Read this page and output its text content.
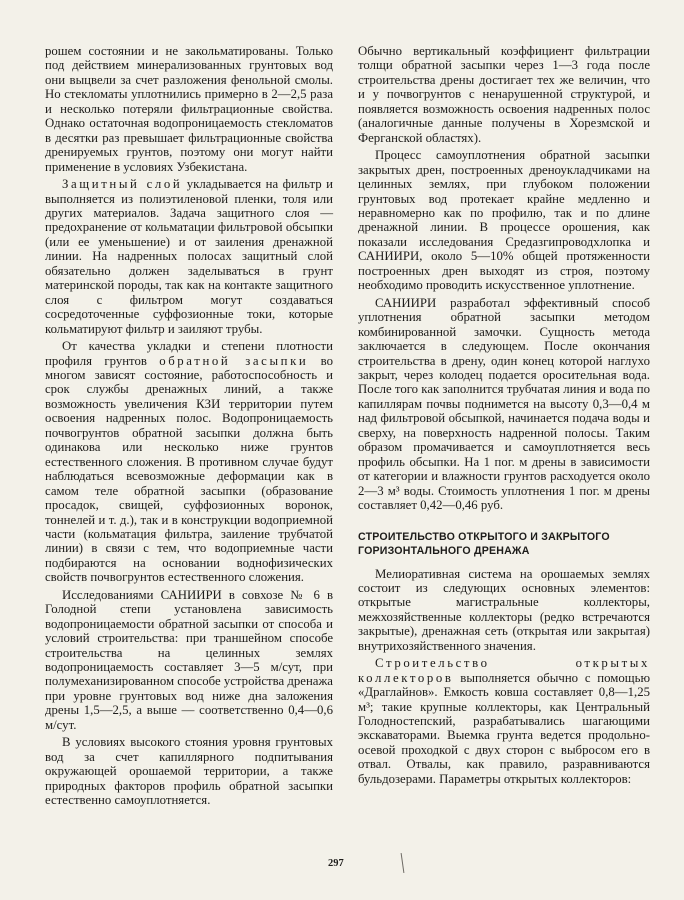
рошем состоянии и не закольматированы. Только под действием минерализованных грунтовых вод они выцвели за счет разложения фенольной смолы. Но стекломаты уплотнились примерно в 2—2,5 раза и несколько потеряли фильтрационные свойства. Однако остаточная водопроницаемость стекломатов в десятки раз превышает фильтрационные свойства дренируемых грунтов, поэтому они могут найти применение в условиях Узбекистана.

Защитный слой укладывается на фильтр и выполняется из полиэтиленовой пленки, толя или других материалов. Задача защитного слоя — предохранение от кольматации фильтровой обсыпки (или ее уменьшение) и от заиления дренажной линии. На надренных полосах защитный слой обязательно должен заделываться в грунт материнской породы, так как на контакте защитного слоя с фильтром могут создаваться сосредоточенные суффозионные токи, которые кольматируют фильтр и заиляют трубы.

От качества укладки и степени плотности профиля грунтов обратной засыпки во многом зависят состояние, работоспособность и срок службы дренажных линий, а также возможность увеличения КЗИ территории путем освоения надренных полос. Водопроницаемость почвогрунтов обратной засыпки должна быть одинакова или несколько ниже грунтов естественного сложения. В противном случае будут наблюдаться всевозможные деформации как в самом теле обратной засыпки (образование просадок, свищей, суффозионных воронок, тоннелей и т. д.), так и в конструкции водоприемной части (кольматация фильтра, заиление трубчатой линии) в связи с тем, что водоприемные части подбираются на основании воднофизических свойств почвогрунтов естественного сложения.

Исследованиями САНИИРИ в совхозе № 6 в Голодной степи установлена зависимость водопроницаемости обратной засыпки от способа и условий строительства: при траншейном способе строительства на целинных землях водопроницаемость составляет 3—5 м/сут, при полумеханизированном способе устройства дренажа при уровне грунтовых вод ниже дна заложения дрены 1,5—2,5, а выше — соответственно 0,4—0,6 м/сут.

В условиях высокого стояния уровня грунтовых вод за счет капиллярного подпитывания окружающей орошаемой территории, а также природных факторов профиль обратной засыпки естественно самоуплотняется.

Обычно вертикальный коэффициент фильтрации толщи обратной засыпки через 1—3 года после строительства дрены достигает тех же величин, что и у почвогрунтов с ненарушенной структурой, и появляется возможность освоения надренных полос (аналогичные данные получены в Хорезмской и Ферганской областях).

Процесс самоуплотнения обратной засыпки закрытых дрен, построенных дреноукладчиками на целинных землях, при глубоком положении грунтовых вод протекает крайне медленно и неравномерно как по профилю, так и по длине дренажной линии. В процессе орошения, как показали исследования Средазгипроводхлопка и САНИИРИ, около 5—10% общей протяженности построенных дрен выходят из строя, поэтому необходимо проводить искусственное уплотнение.

САНИИРИ разработал эффективный способ уплотнения обратной засыпки методом комбинированной замочки. Сущность метода заключается в следующем. После окончания строительства в дрену, один конец которой наглухо закрыт, через колодец подается оросительная вода. После того как заполнится трубчатая линия и вода по капиллярам почвы поднимется на высоту 0,3—0,4 м над фильтровой обсыпкой, начинается подача воды и сверху, на поверхность надренной полосы. Таким образом промачивается и самоуплотняется весь профиль обсыпки. На 1 пог. м дрены в зависимости от категории и влажности грунтов расходуется около 2—3 м³ воды. Стоимость уплотнения 1 пог. м дрены составляет 0,42—0,46 руб.

СТРОИТЕЛЬСТВО ОТКРЫТОГО И ЗАКРЫТОГО ГОРИЗОНТАЛЬНОГО ДРЕНАЖА

Мелиоративная система на орошаемых землях состоит из следующих основных элементов: открытые магистральные коллекторы, межхозяйственные коллекторы (редко встречаются закрытые), дренажная сеть (открытая или закрытая) внутрихозяйственного значения.

Строительство открытых коллекторов выполняется обычно с помощью «Драглайнов». Емкость ковша составляет 0,8—1,25 м³; такие крупные коллекторы, как Центральный Голодностепский, разрабатывались шагающими экскаваторами. Выемка грунта ведется продольно-осевой проходкой с двух сторон с выбросом его в отвал. Отвалы, как правило, разравниваются бульдозерами. Параметры открытых коллекторов:

297
